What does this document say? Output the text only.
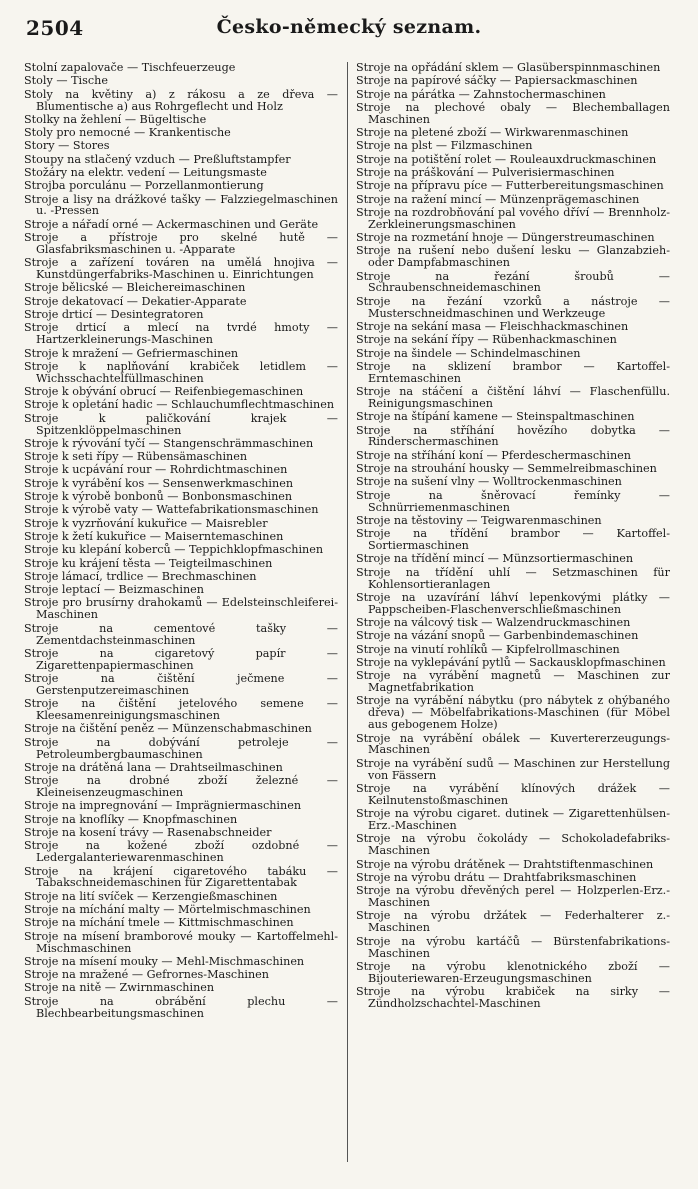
2504	Česko-německý seznam.

Stolní zapalovače — Tischfeuerzeuge

Stoly — Tische

Stoly na květiny a) z rákosu a ze dřeva — Blumentische a) aus Rohrgeflecht und Holz

Stolky na žehlení — Bügeltische

Stoly pro nemocné — Krankentische

Story — Stores

Stoupy na stlačený vzduch — Preßluftstampfer

Stožáry na elektr. vedení — Leitungsmaste

Strojba porculánu — Porzellanmontierung

Stroje a lisy na drážkové tašky — Falzziegelmaschinen u. -Pressen

Stroje a nářadí orné — Ackermaschinen und Geräte

Stroje a přístroje pro skelné hutě — Glasfabriksmaschinen u. -Apparate

Stroje a zařízení továren na umělá hnojiva — Kunstdüngerfabriks-Maschinen u. Einrichtungen

Stroje bělicské — Bleichereimaschinen

Stroje dekatovací — Dekatier-Apparate

Stroje drticí — Desintegratoren

Stroje drticí a mlecí na tvrdé hmoty — Hartzerkleinerungs-Maschinen

Stroje k mražení — Gefriermaschinen

Stroje k naplňování krabiček letidlem — Wichsschachtelfüllmaschinen

Stroje k obývání obrucí — Reifenbiegemaschinen

Stroje k opletání hadic — Schlauchumflechtmaschinen

Stroje k paličkování krajek — Spitzenklöppelmaschinen

Stroje k rývování tyčí — Stangenschrämmaschinen

Stroje k seti řípy — Rübensämaschinen

Stroje k ucpávání rour — Rohrdichtmaschinen

Stroje k vyrábění kos — Sensenwerkmaschinen

Stroje k výrobě bonbonů — Bonbonsmaschinen

Stroje k výrobě vaty — Wattefabrikationsmaschinen

Stroje k vyzrňování kukuřice — Maisrebler

Stroje k žetí kukuřice — Maiserntemaschinen

Stroje ku klepání koberců — Teppichklopfmaschinen

Stroje ku krájení těsta — Teigteilmaschinen

Stroje lámací, trdlice — Brechmaschinen

Stroje leptací — Beizmaschinen

Stroje pro brusírny drahokamů — Edelsteinschleiferei-Maschinen

Stroje na cementové tašky — Zementdachsteinmaschinen

Stroje na cigaretový papír — Zigarettenpapiermaschinen

Stroje na čištění ječmene — Gerstenputzereimaschinen

Stroje na čištění jetelového semene — Kleesamenreinigungsmaschinen

Stroje na čištění peněz — Münzenschabmaschinen

Stroje na dobývání petroleje — Petroleumbergbaumaschinen

Stroje na drátěná lana — Drahtseilmaschinen

Stroje na drobné zboží železné — Kleineisenzeugmaschinen

Stroje na impregnování — Imprägniermaschinen

Stroje na knoflíky — Knopfmaschinen

Stroje na kosení trávy — Rasenabschneider

Stroje na kožené zboží ozdobné — Ledergalanteriewarenmaschinen

Stroje na krájení cigaretového tabáku —Tabakschneidemaschinen für Zigarettentabak

Stroje na lití svíček — Kerzengießmaschinen

Stroje na míchání malty — Mörtelmischmaschinen

Stroje na míchání tmele — Kittmischmaschinen

Stroje na mísení bramborové mouky — Kartoffelmehl-Mischmaschinen

Stroje na mísení mouky — Mehl-Mischmaschinen

Stroje na mražené — Gefrornes-Maschinen

Stroje na nitě — Zwirnmaschinen

Stroje na obrábění plechu — Blechbearbeitungsmaschinen

Stroje na opřádání sklem — Glasüberspinnmaschinen

Stroje na papírové sáčky — Papiersackmaschinen

Stroje na párátka — Zahnstochermaschinen

Stroje na plechové obaly — Blechemballagen Maschinen

Stroje na pletené zboží — Wirkwarenmaschinen

Stroje na plst — Filzmaschinen

Stroje na potištění rolet — Rouleauxdruckmaschinen

Stroje na práškování — Pulverisiermaschinen

Stroje na přípravu píce — Futterbereitungsmaschinen

Stroje na ražení mincí — Münzenprägemaschinen

Stroje na rozdrobňování pal vového dříví — Brennholz-Zerkleinerungsmaschinen

Stroje na rozmetání hnoje — Düngerstreumaschinen

Stroje na rušení nebo dušení lesku — Glanzabzieh- oder Dampfabmaschinen

Stroje na řezání šroubů — Schraubenschneidemaschinen

Stroje na řezání vzorků a nástroje — Musterschneidmaschinen und Werkzeuge

Stroje na sekání masa — Fleischhackmaschinen

Stroje na sekání řípy — Rübenhackmaschinen

Stroje na šindele — Schindelmaschinen

Stroje na sklizení brambor — Kartoffel-Erntemaschinen

Stroje na stáčení a čištění láhví — Flaschenfüllu. Reinigungsmaschinen

Stroje na štípání kamene — Steinspaltmaschinen

Stroje na stříhání hovězího dobytka — Rinderschermaschinen

Stroje na stříhání koní — Pferdeschermaschinen

Stroje na strouhání housky — Semmelreibmaschinen

Stroje na sušení vlny — Wolltrockenmaschinen

Stroje na šněrovací řemínky — Schnürriemenmaschinen

Stroje na těstoviny — Teigwarenmaschinen

Stroje na třídění brambor — Kartoffel-Sortiermaschinen

Stroje na třídění mincí — Münzsortiermaschinen

Stroje na třídění uhlí — Setzmaschinen für Kohlensortieranlagen

Stroje na uzavírání láhví lepenkovými plátky — Pappscheiben-Flaschenverschließmaschinen

Stroje na válcový tisk — Walzendruckmaschinen

Stroje na vázání snopů — Garbenbindemaschinen

Stroje na vinutí rohlíků — Kipfelrollmaschinen

Stroje na vyklepávání pytlů — Sackausklopfmaschinen

Stroje na vyrábění magnetů — Maschinen zur Magnetfabrikation

Stroje na vyrábění nábytku (pro nábytek z ohýbaného dřeva) — Möbelfabrikations-Maschinen (für Möbel aus gebogenem Holze)

Stroje na vyrábění obálek — Kuvertererzeugungs-Maschinen

Stroje na vyrábění sudů — Maschinen zur Herstellung von Fässern

Stroje na vyrábění klínových drážek — Keilnutenstoßmaschinen

Stroje na výrobu cigaret. dutinek — Zigarettenhülsen-Erz.-Maschinen

Stroje na výrobu čokolády — Schokoladefabriks-Maschinen

Stroje na výrobu drátěnek — Drahtstiftenmaschinen

Stroje na výrobu drátu — Drahtfabriksmaschinen

Stroje na výrobu dřevěných perel — Holzperlen-Erz.-Maschinen

Stroje na výrobu držátek — Federhalterer z.-Maschinen

Stroje na výrobu kartáčů — Bürstenfabrikations-Maschinen

Stroje na výrobu klenotnického zboží — Bijouteriewaren-Erzeugungsmaschinen

Stroje na výrobu krabiček na sirky — Zündholzschachtel-Maschinen
